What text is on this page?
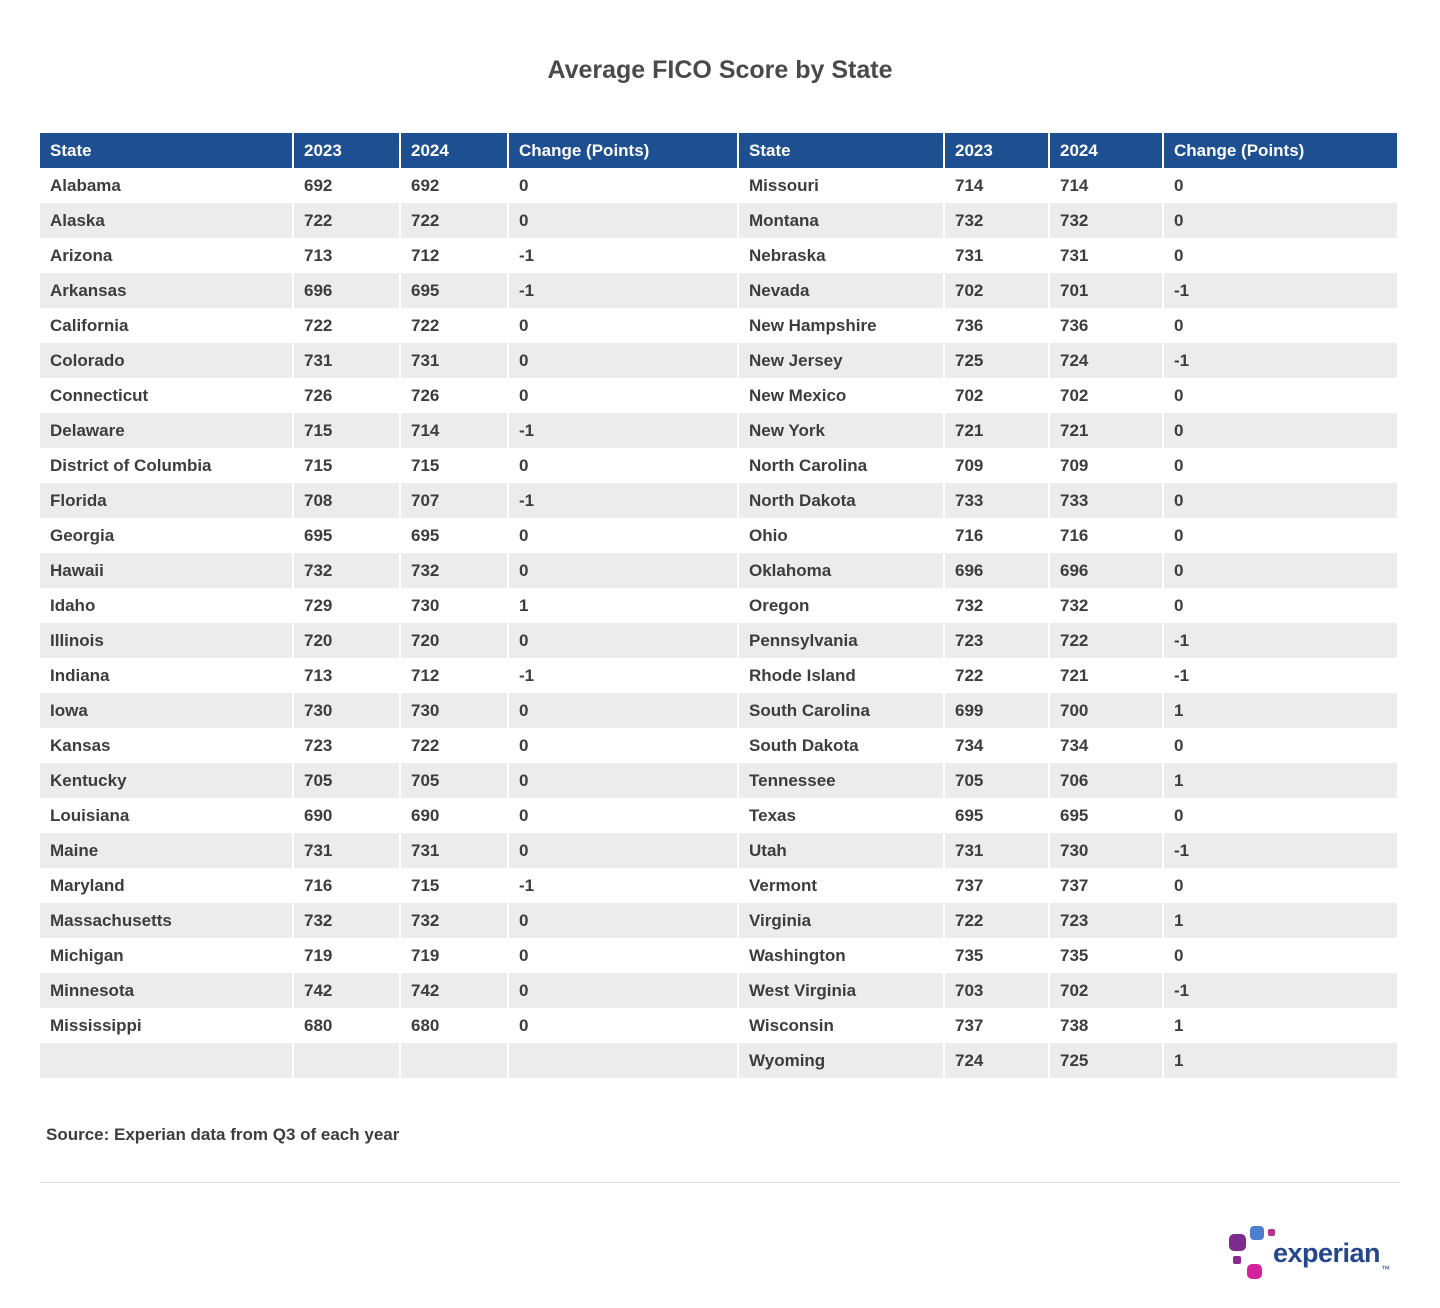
Average FICO Score by State
State	2023	2024	Change (Points)	State	2023	2024	Change (Points)
Alabama	692	692	0	Missouri	714	714	0
Alaska	722	722	0	Montana	732	732	0
Arizona	713	712	-1	Nebraska	731	731	0
Arkansas	696	695	-1	Nevada	702	701	-1
California	722	722	0	New Hampshire	736	736	0
Colorado	731	731	0	New Jersey	725	724	-1
Connecticut	726	726	0	New Mexico	702	702	0
Delaware	715	714	-1	New York	721	721	0
District of Columbia	715	715	0	North Carolina	709	709	0
Florida	708	707	-1	North Dakota	733	733	0
Georgia	695	695	0	Ohio	716	716	0
Hawaii	732	732	0	Oklahoma	696	696	0
Idaho	729	730	1	Oregon	732	732	0
Illinois	720	720	0	Pennsylvania	723	722	-1
Indiana	713	712	-1	Rhode Island	722	721	-1
Iowa	730	730	0	South Carolina	699	700	1
Kansas	723	722	0	South Dakota	734	734	0
Kentucky	705	705	0	Tennessee	705	706	1
Louisiana	690	690	0	Texas	695	695	0
Maine	731	731	0	Utah	731	730	-1
Maryland	716	715	-1	Vermont	737	737	0
Massachusetts	732	732	0	Virginia	722	723	1
Michigan	719	719	0	Washington	735	735	0
Minnesota	742	742	0	West Virginia	703	702	-1
Mississippi	680	680	0	Wisconsin	737	738	1
				Wyoming	724	725	1

Source: Experian data from Q3 of each year

experian
™
